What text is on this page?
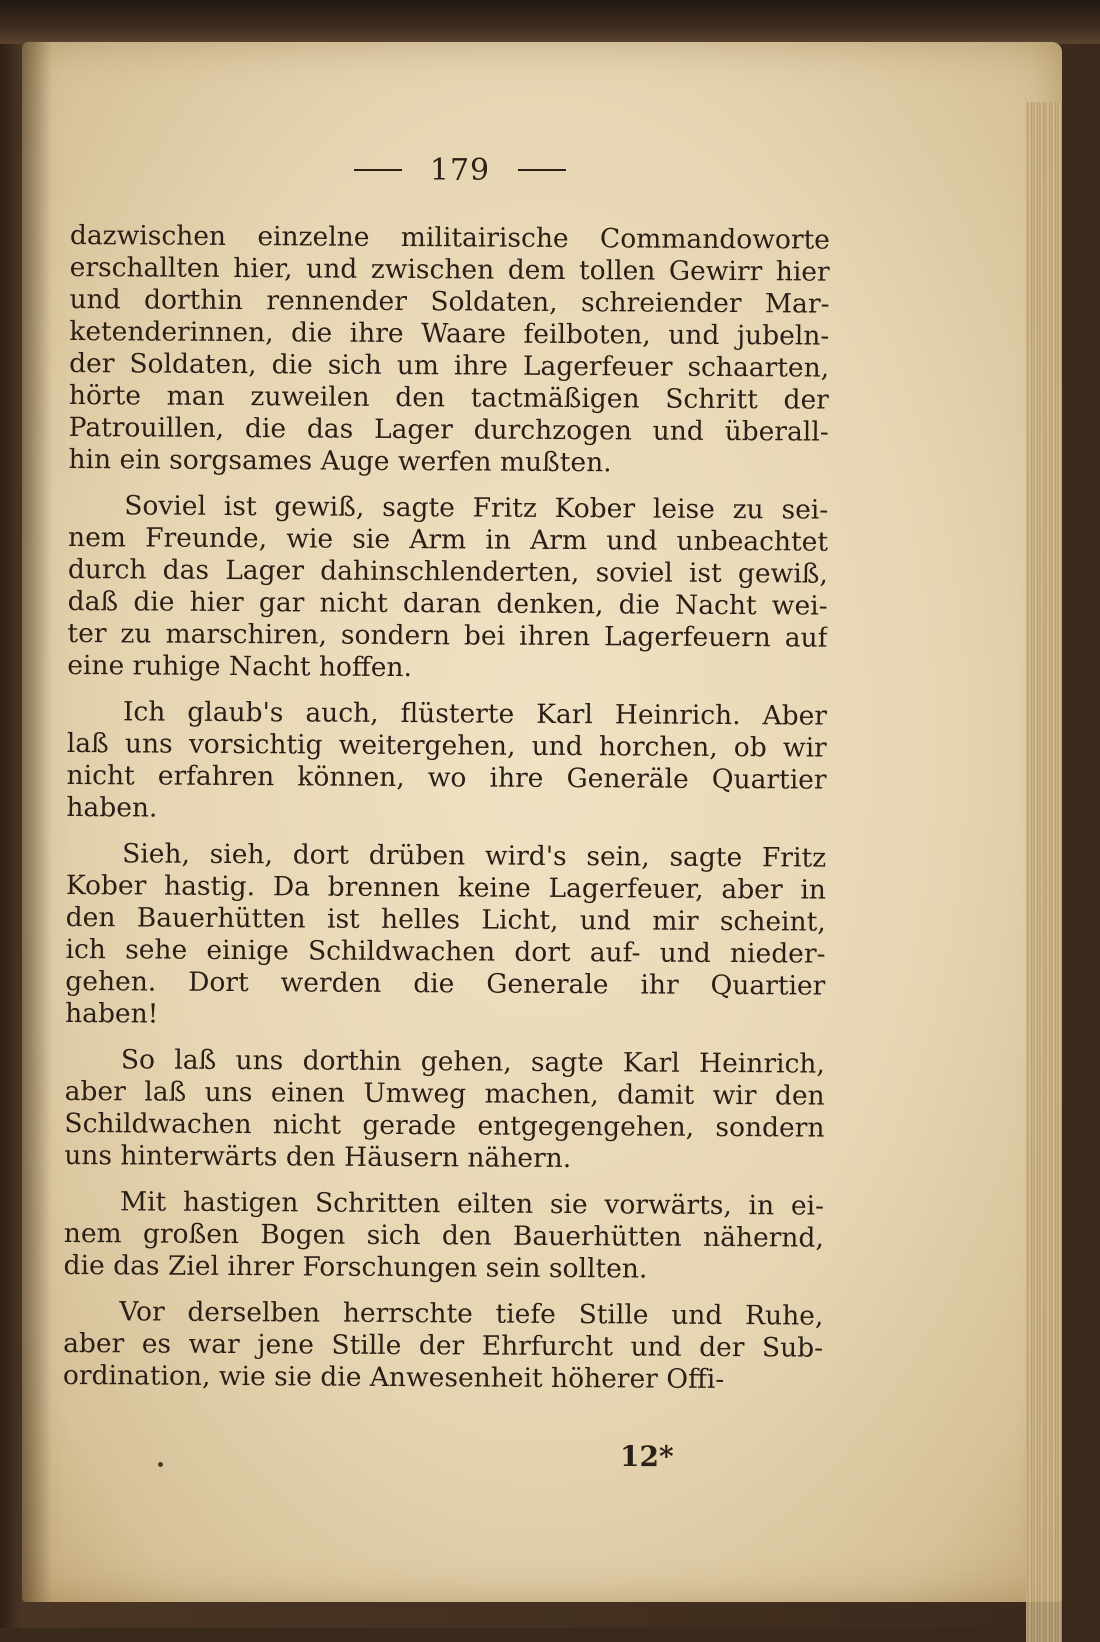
179
dazwischen einzelne militairische Commandoworte
erschallten hier, und zwischen dem tollen Gewirr hier
und dorthin rennender Soldaten, schreiender Mar-
ketenderinnen, die ihre Waare feilboten, und jubeln-
der Soldaten, die sich um ihre Lagerfeuer schaarten,
hörte man zuweilen den tactmäßigen Schritt der
Patrouillen, die das Lager durchzogen und überall-
hin ein sorgsames Auge werfen mußten.
Soviel ist gewiß, sagte Fritz Kober leise zu sei-
nem Freunde, wie sie Arm in Arm und unbeachtet
durch das Lager dahinschlenderten, soviel ist gewiß,
daß die hier gar nicht daran denken, die Nacht wei-
ter zu marschiren, sondern bei ihren Lagerfeuern auf
eine ruhige Nacht hoffen.
Ich glaub's auch, flüsterte Karl Heinrich. Aber
laß uns vorsichtig weitergehen, und horchen, ob wir
nicht erfahren können, wo ihre Generäle Quartier
haben.
Sieh, sieh, dort drüben wird's sein, sagte Fritz
Kober hastig. Da brennen keine Lagerfeuer, aber in
den Bauerhütten ist helles Licht, und mir scheint,
ich sehe einige Schildwachen dort auf- und nieder-
gehen. Dort werden die Generale ihr Quartier
haben!
So laß uns dorthin gehen, sagte Karl Heinrich,
aber laß uns einen Umweg machen, damit wir den
Schildwachen nicht gerade entgegengehen, sondern
uns hinterwärts den Häusern nähern.
Mit hastigen Schritten eilten sie vorwärts, in ei-
nem großen Bogen sich den Bauerhütten nähernd,
die das Ziel ihrer Forschungen sein sollten.
Vor derselben herrschte tiefe Stille und Ruhe,
aber es war jene Stille der Ehrfurcht und der Sub-
ordination, wie sie die Anwesenheit höherer Offi-
12*
